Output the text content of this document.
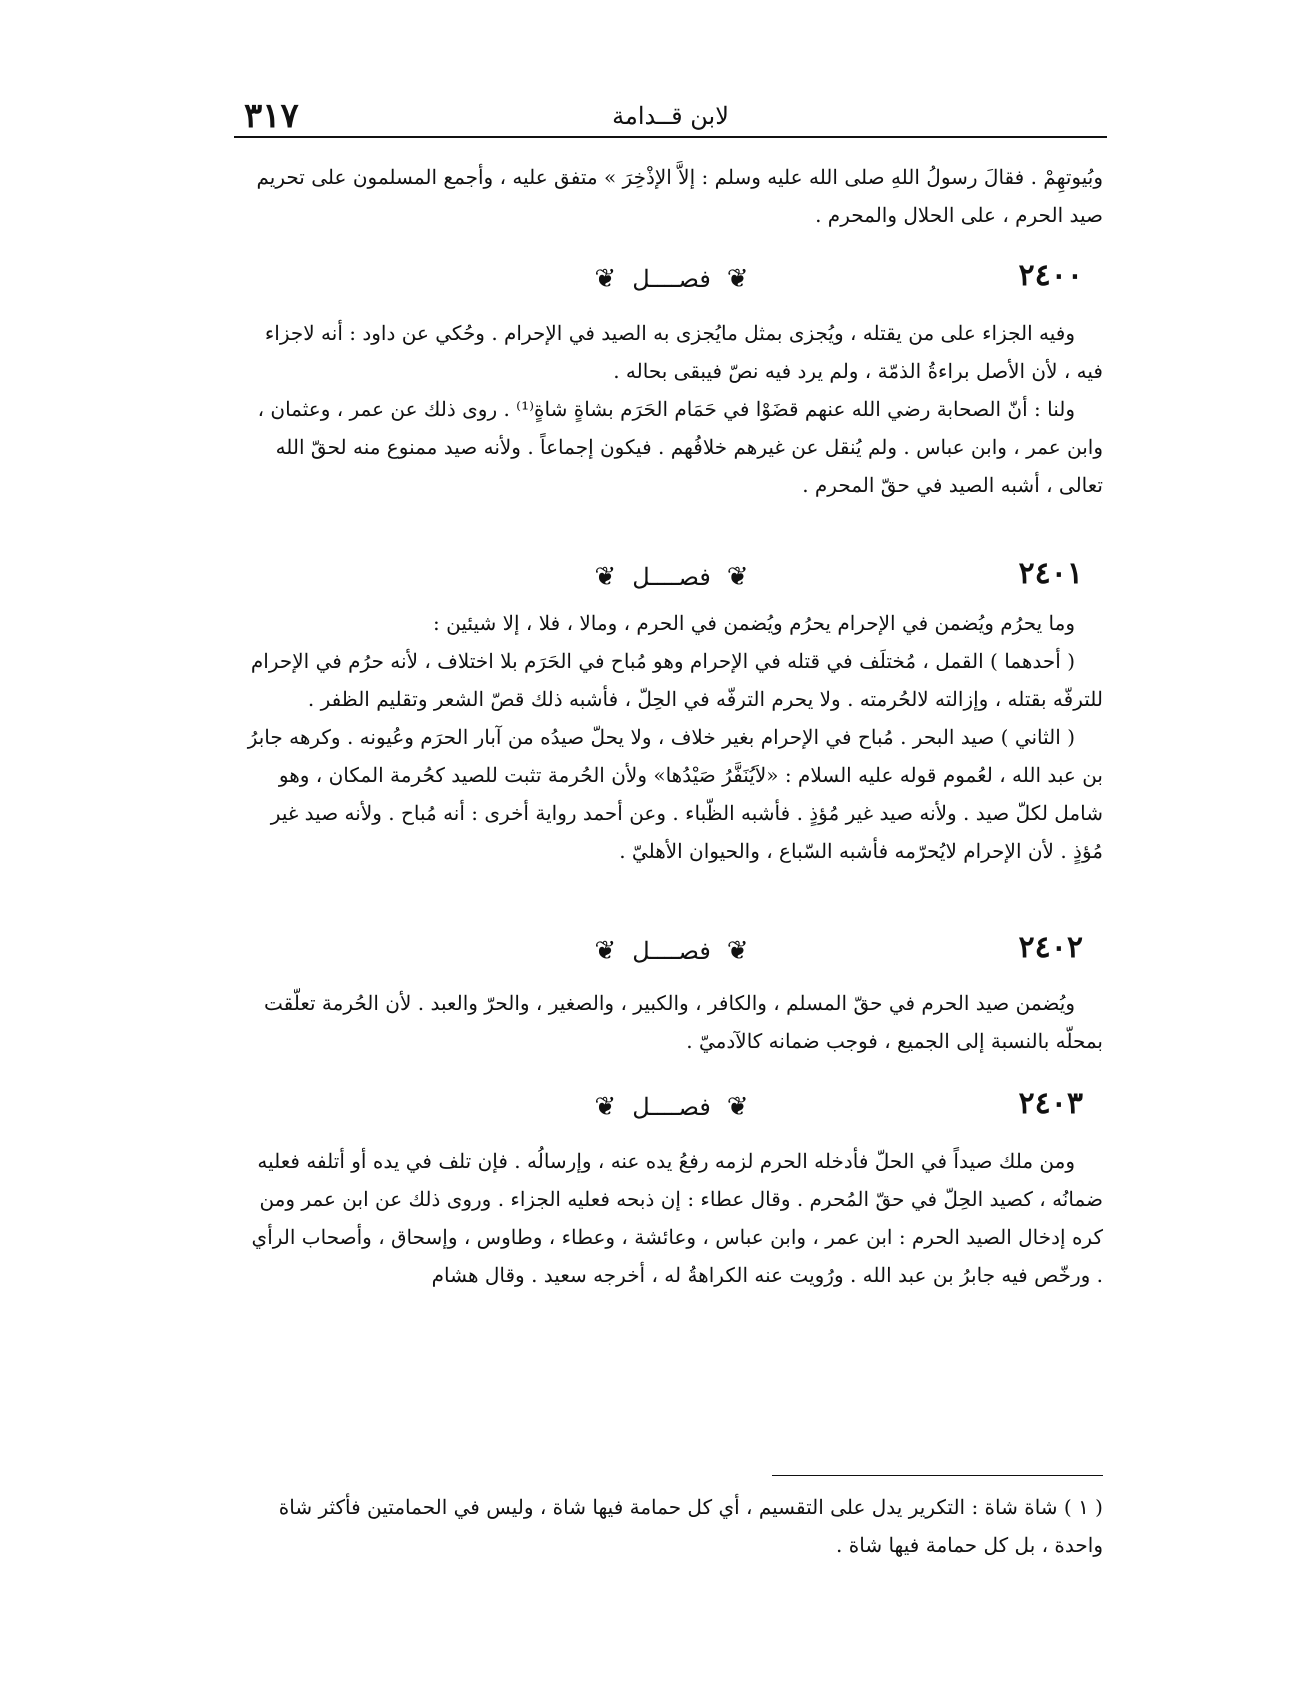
٣١٧	لابن قــدامة

وبُيوتهِمْ . فقالَ رسولُ اللهِ صلى الله عليه وسلم : إلاَّ الإذْخِرَ » متفق عليه ، وأجمع المسلمون على تحريم

صيد الحرم ، على الحلال والمحرم .

٢٤٠٠
❦فصــــل❦

وفيه الجزاء على من يقتله ، ويُجزى بمثل مايُجزى به الصيد في الإحرام . وحُكي عن داود : أنه لاجزاء فيه ، لأن الأصل براءةُ الذمّة ، ولم يرد فيه نصّ فيبقى بحاله .

ولنا : أنّ الصحابة رضي الله عنهم قضَوْا في حَمَام الحَرَم بشاةٍ شاةٍ⁽¹⁾ . روى ذلك عن عمر ، وعثمان ، وابن عمر ، وابن عباس . ولم يُنقل عن غيرهم خلافُهم . فيكون إجماعاً . ولأنه صيد ممنوع منه لحقّ الله تعالى ، أشبه الصيد في حقّ المحرم .

٢٤٠١
❦فصــــل❦

وما يحرُم ويُضمن في الإحرام يحرُم ويُضمن في الحرم ، ومالا ، فلا ، إلا شيئين :

( أحدهما ) القمل ، مُختلَف في قتله في الإحرام وهو مُباح في الحَرَم بلا اختلاف ، لأنه حرُم في الإحرام للترفّه بقتله ، وإزالته لالحُرمته . ولا يحرم الترفّه في الحِلّ ، فأشبه ذلك قصّ الشعر وتقليم الظفر .

( الثاني ) صيد البحر . مُباح في الإحرام بغير خلاف ، ولا يحلّ صيدُه من آبار الحرَم وعُيونه . وكرهه جابرُ بن عبد الله ، لعُموم قوله عليه السلام : «لاَيُنَفَّرُ صَيْدُها» ولأن الحُرمة تثبت للصيد كحُرمة المكان ، وهو شامل لكلّ صيد . ولأنه صيد غير مُؤذٍ . فأشبه الظّباء . وعن أحمد رواية أخرى : أنه مُباح . ولأنه صيد غير مُؤذٍ . لأن الإحرام لايُحرّمه فأشبه السّباع ، والحيوان الأهليّ .

٢٤٠٢
❦فصــــل❦

ويُضمن صيد الحرم في حقّ المسلم ، والكافر ، والكبير ، والصغير ، والحرّ والعبد . لأن الحُرمة تعلّقت بمحلّه بالنسبة إلى الجميع ، فوجب ضمانه كالآدميّ .

٢٤٠٣
❦فصــــل❦

ومن ملك صيداً في الحلّ فأدخله الحرم لزمه رفعُ يده عنه ، وإرسالُه . فإن تلف في يده أو أتلفه فعليه ضمانُه ، كصيد الحِلّ في حقّ المُحرم . وقال عطاء : إن ذبحه فعليه الجزاء . وروى ذلك عن ابن عمر ومن كره إدخال الصيد الحرم : ابن عمر ، وابن عباس ، وعائشة ، وعطاء ، وطاوس ، وإسحاق ، وأصحاب الرأي . ورخّص فيه جابرُ بن عبد الله . ورُويت عنه الكراهةُ له ، أخرجه سعيد . وقال هشام

( ١ ) شاة شاة : التكرير يدل على التقسيم ، أي كل حمامة فيها شاة ، وليس في الحمامتين فأكثر شاة واحدة ، بل كل حمامة فيها شاة .
